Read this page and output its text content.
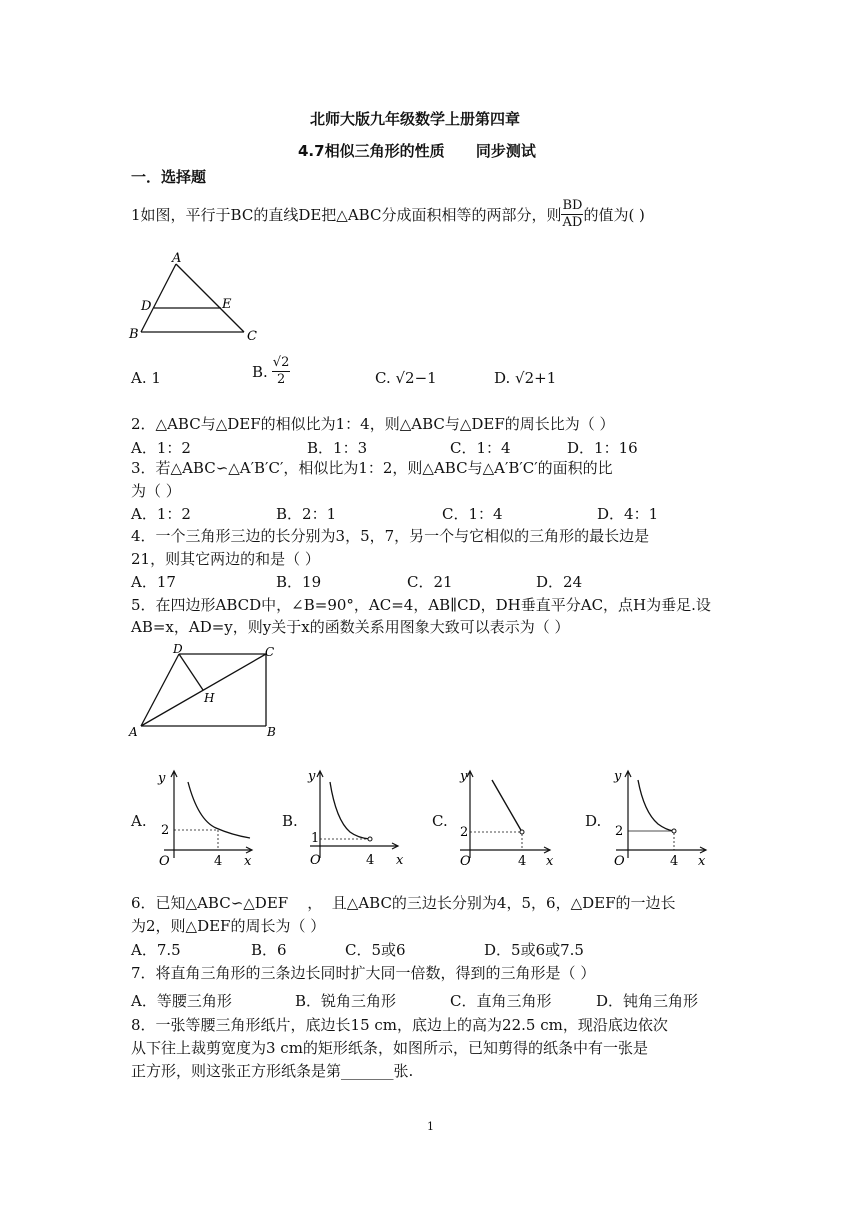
北师大版九年级数学上册第四章
4.7相似三角形的性质      同步测试
一．选择题
1如图，平行于BC的直线DE把△ABC分成面积相等的两部分，则 $\frac{BD}{AD}$ 的值为( )
A
D	E
B	C
A. 1	B. $\frac{√2}{2}$	C. √2−1	D. √2+1
2．△ABC与△DEF的相似比为1：4，则△ABC与△DEF的周长比为（ ）
A．1：2	B．1：3	C．1：4	D．1：16
3．若△ABC∽△A′B′C′，相似比为1：2，则△ABC与△A′B′C′的面积的比
为（ ）
A．1：2	B．2：1	C．1：4	D．4：1
4．一个三角形三边的长分别为3，5，7，另一个与它相似的三角形的最长边是
21，则其它两边的和是（ ）
A．17	B．19	C．21	D．24
5．在四边形ABCD中，∠B=90°，AC=4，AB∥CD，DH垂直平分AC，点H为垂足.设
AB=x，AD=y，则y关于x的函数关系用图象大致可以表示为（ ）
D	C
H
A	B
A.
y
2
O	4 x
B.
y
1
O	4 x
C.
y
2
O	4 x
D.
y
2
O	4 x
6．已知△ABC∽△DEF    ，  且△ABC的三边长分别为4，5，6，△DEF的一边长
为2，则△DEF的周长为（ ）
A．7.5	B．6	C．5或6	D．5或6或7.5
7．将直角三角形的三条边长同时扩大同一倍数，得到的三角形是（ ）
A．等腰三角形	B．锐角三角形	C．直角三角形	D．钝角三角形
8．一张等腰三角形纸片，底边长15 cm，底边上的高为22.5 cm，现沿底边依次
从下往上裁剪宽度为3 cm的矩形纸条，如图所示，已知剪得的纸条中有一张是
正方形，则这张正方形纸条是第_______张.
1
